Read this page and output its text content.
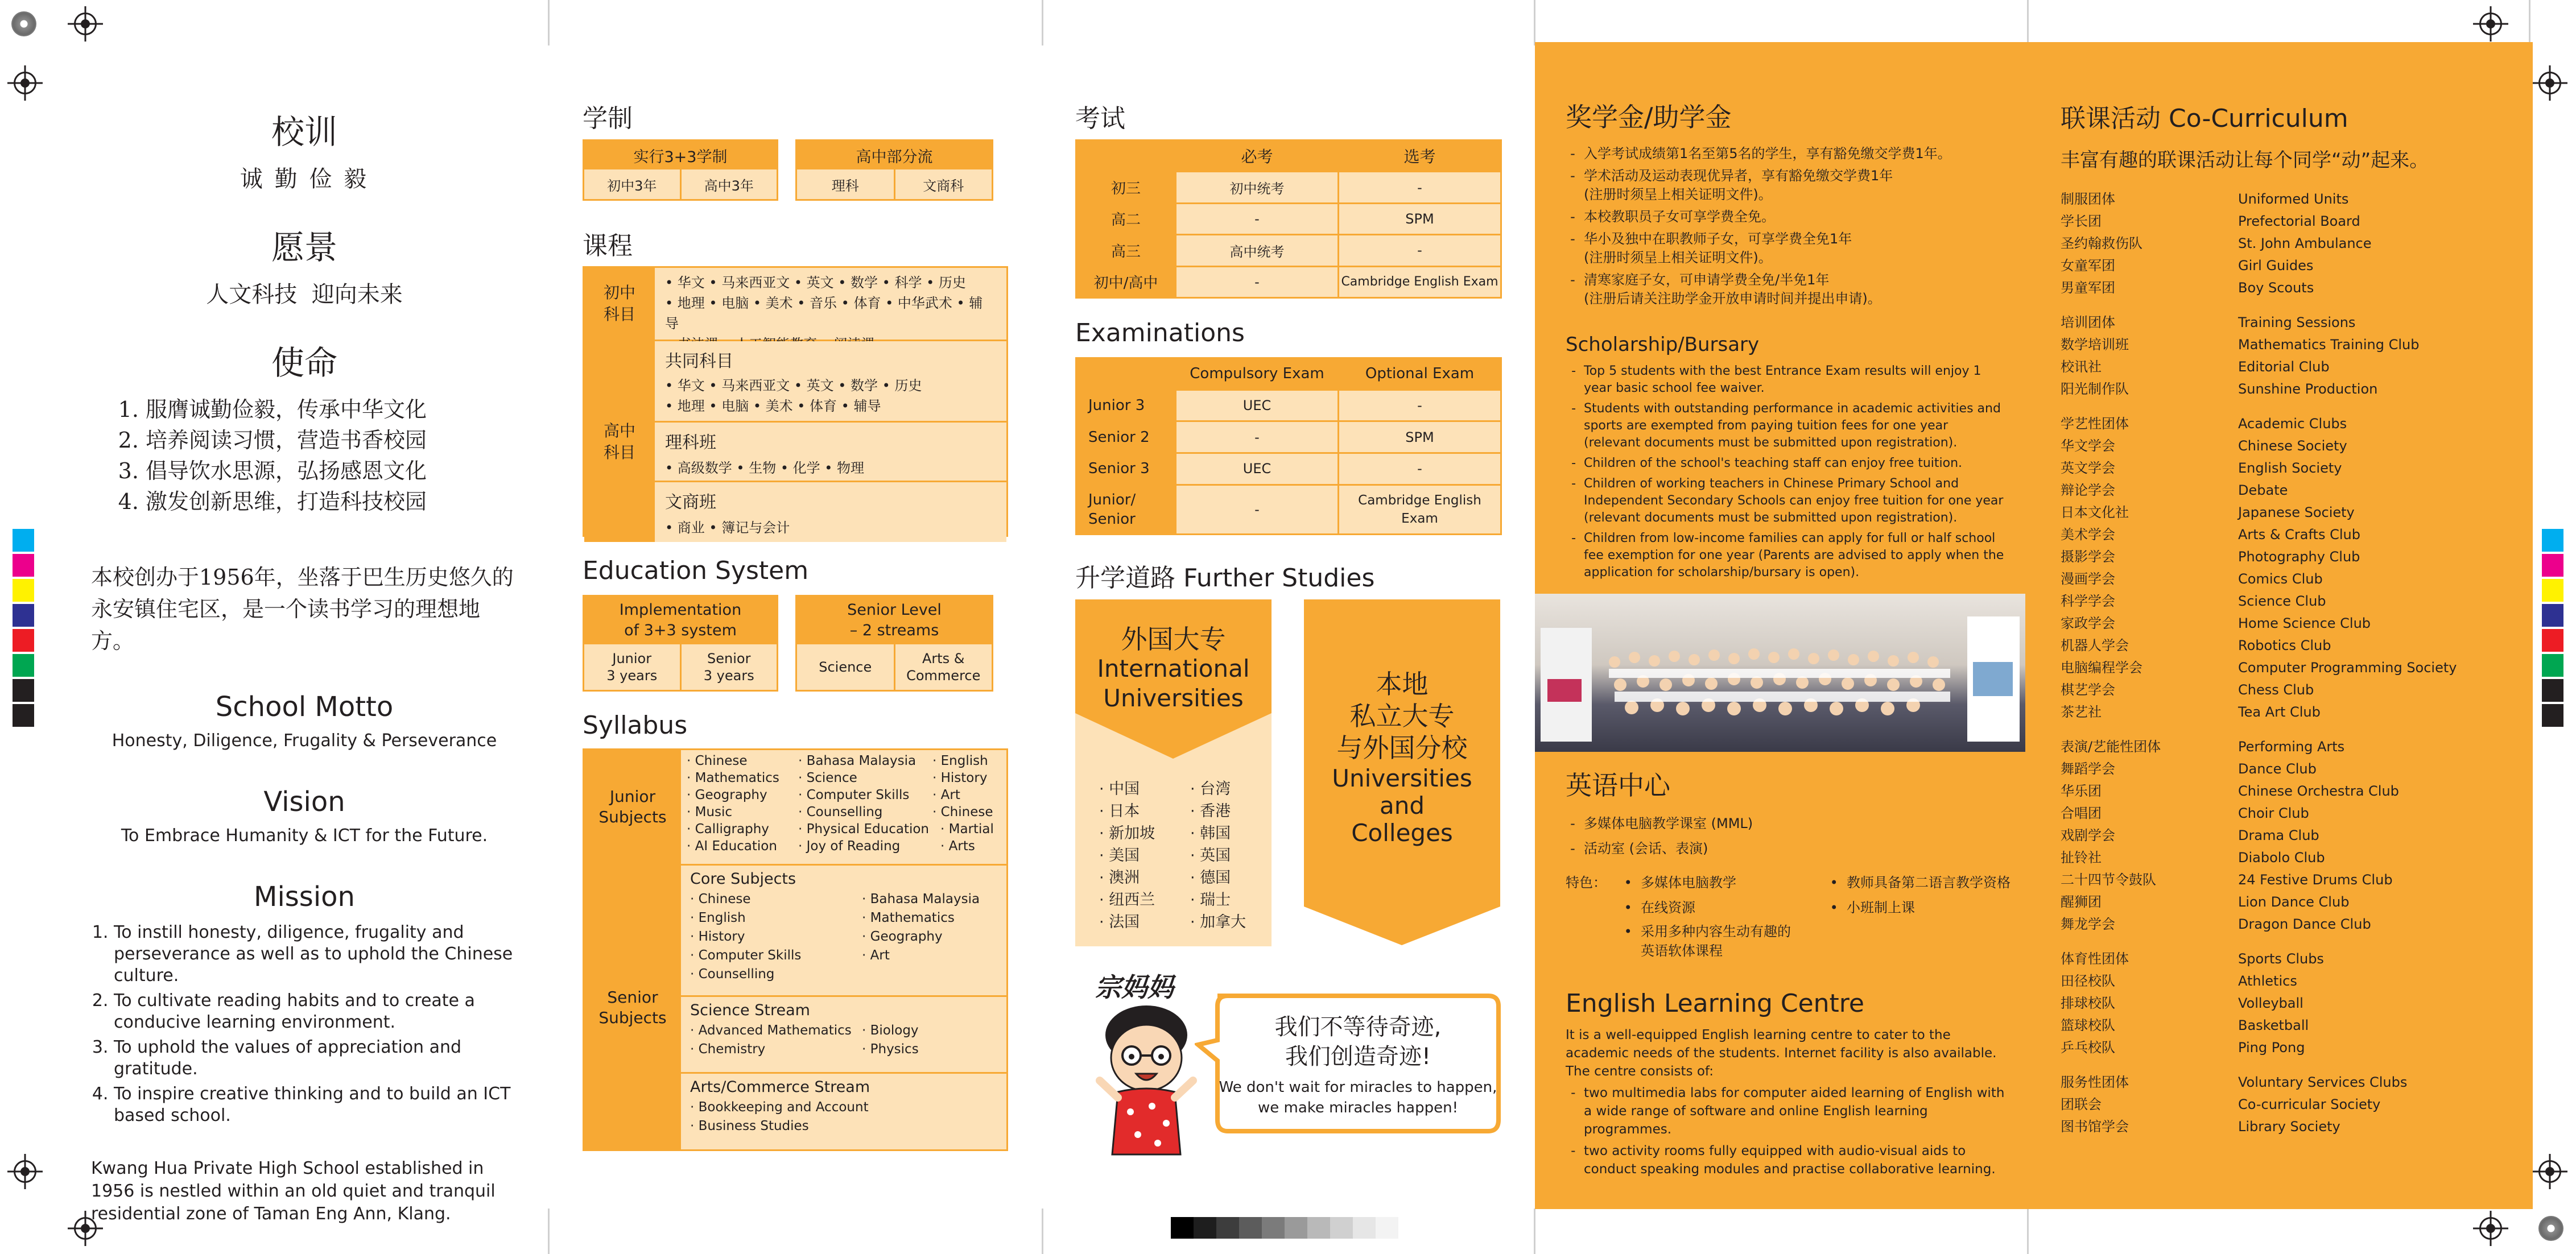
校训
诚 勤 俭 毅
愿景
人文科技  迎向未来
使命
1. 服膺诚勤俭毅，传承中华文化
2. 培养阅读习惯，营造书香校园
3. 倡导饮水思源，弘扬感恩文化
4. 激发创新思维，打造科技校园
本校创办于1956年，坐落于巴生历史悠久的永安镇住宅区，是一个读书学习的理想地方。
School Motto
Honesty, Diligence, Frugality & Perseverance
Vision
To Embrace Humanity & ICT for the Future.
Mission
1. To instill honesty, diligence, frugality and perseverance as well as to uphold the Chinese culture.
2. To cultivate reading habits and to create a conducive learning environment.
3. To uphold the values of appreciation and gratitude.
4. To inspire creative thinking and to build an ICT based school.
Kwang Hua Private High School established in 1956 is nestled within an old quiet and tranquil residential zone of Taman Eng Ann, Klang.
学制
实行3+3学制
初中3年	高中3年
高中部分流
理科	文商科
课程
初中
科目
• 华文 • 马来西亚文 • 英文 • 数学 • 科学 • 历史
• 地理 • 电脑 • 美术 • 音乐 • 体育 • 中华武术 • 辅导
高中
科目
共同科目
• 华文 • 马来西亚文 • 英文 • 数学 • 历史
• 地理 • 电脑 • 美术 • 体育 • 辅导
理科班
• 高级数学 • 生物 • 化学 • 物理
文商班
• 商业 • 簿记与会计
Education System
Implementation
of 3+3 system
Junior
3 years
Senior
3 years
Senior Level
– 2 streams
Science
Arts &
Commerce
Syllabus
Junior
Subjects
· Chinese
· Mathematics
· Geography
· Music
· Calligraphy
· AI Education
· Bahasa Malaysia
· Science
· Computer Skills
· Counselling
· Physical Education
· Joy of Reading
· English
· History
· Art
· Chinese
· Martial
· Arts
Senior
Subjects
Core Subjects
· Chinese
· English
· History
· Computer Skills
· Counselling
· Bahasa Malaysia
· Mathematics
· Geography
· Art
Science Stream
· Advanced Mathematics
· Chemistry
· Biology
· Physics
Arts/Commerce Stream
· Bookkeeping and Account
· Business Studies
考试
必考	选考
初三	初中统考	-
高二	-	SPM
高三	高中统考	-
初中/高中	-	Cambridge English Exam
Examinations
Compulsory Exam	Optional Exam
Junior 3	UEC	-
Senior 2	-	SPM
Senior 3	UEC	-
Junior/
Senior
-
Cambridge English
Exam
升学道路 Further Studies
外国大专
International
Universities
· 中国
· 日本
· 新加坡
· 美国
· 澳洲
· 纽西兰
· 法国
· 台湾
· 香港
· 韩国
· 英国
· 德国
· 瑞士
· 加拿大
本地
私立大专
与外国分校
Universities
and
Colleges
宗妈妈
我们不等待奇迹,
我们创造奇迹!
We don't wait for miracles to happen,
we make miracles happen!
奖学金/助学金
- 入学考试成绩第1名至第5名的学生，享有豁免缴交学费1年。
- 学术活动及运动表现优异者，享有豁免缴交学费1年
(注册时须呈上相关证明文件)。
- 本校教职员子女可享学费全免。
- 华小及独中在职教师子女，可享学费全免1年
(注册时须呈上相关证明文件)。
- 清寒家庭子女，可申请学费全免/半免1年
(注册后请关注助学金开放申请时间并提出申请)。
Scholarship/Bursary
- Top 5 students with the best Entrance Exam results will enjoy 1 year basic school fee waiver.
- Students with outstanding performance in academic activities and sports are exempted from paying tuition fees for one year (relevant documents must be submitted upon registration).
- Children of the school's teaching staff can enjoy free tuition.
- Children of working teachers in Chinese Primary School and Independent Secondary Schools can enjoy free tuition for one year (relevant documents must be submitted upon registration).
- Children from low-income families can apply for full or half school fee exemption for one year (Parents are advised to apply when the application for scholarship/bursary is open).
英语中心
- 多媒体电脑教学课室 (MML)
- 活动室 (会话、表演)
特色：
•	多媒体电脑教学
• 在线资源
• 采用多种内容生动有趣的
英语软体课程
• 教师具备第二语言教学资格
• 小班制上课
English Learning Centre
It is a well-equipped English learning centre to cater to the academic needs of the students. Internet facility is also available.
The centre consists of:
- two multimedia labs for computer aided learning of English with a wide range of software and online English learning programmes.
- two activity rooms fully equipped with audio-visual aids to conduct speaking modules and practise collaborative learning.
联课活动 Co-Curriculum
丰富有趣的联课活动让每个同学“动”起来。
制服团体
学长团
圣约翰救伤队
女童军团
男童军团
Uniformed Units
Prefectorial Board
St. John Ambulance
Girl Guides
Boy Scouts
培训团体
数学培训班
校讯社
阳光制作队
Training Sessions
Mathematics Training Club
Editorial Club
Sunshine Production
学艺性团体
华文学会
英文学会
辩论学会
日本文化社
美术学会
摄影学会
漫画学会
科学学会
家政学会
机器人学会
电脑编程学会
棋艺学会
茶艺社
Academic Clubs
Chinese Society
English Society
Debate
Japanese Society
Arts & Crafts Club
Photography Club
Comics Club
Science Club
Home Science Club
Robotics Club
Computer Programming Society
Chess Club
Tea Art Club
表演/艺能性团体
舞蹈学会
华乐团
合唱团
戏剧学会
扯铃社
二十四节令鼓队
醒狮团
舞龙学会
Performing Arts
Dance Club
Chinese Orchestra Club
Choir Club
Drama Club
Diabolo Club
24 Festive Drums Club
Lion Dance Club
Dragon Dance Club
体育性团体
田径校队
排球校队
篮球校队
乒乓校队
Sports Clubs
Athletics
Volleyball
Basketball
Ping Pong
服务性团体
团联会
图书馆学会
Voluntary Services Clubs
Co-curricular Society
Library Society
